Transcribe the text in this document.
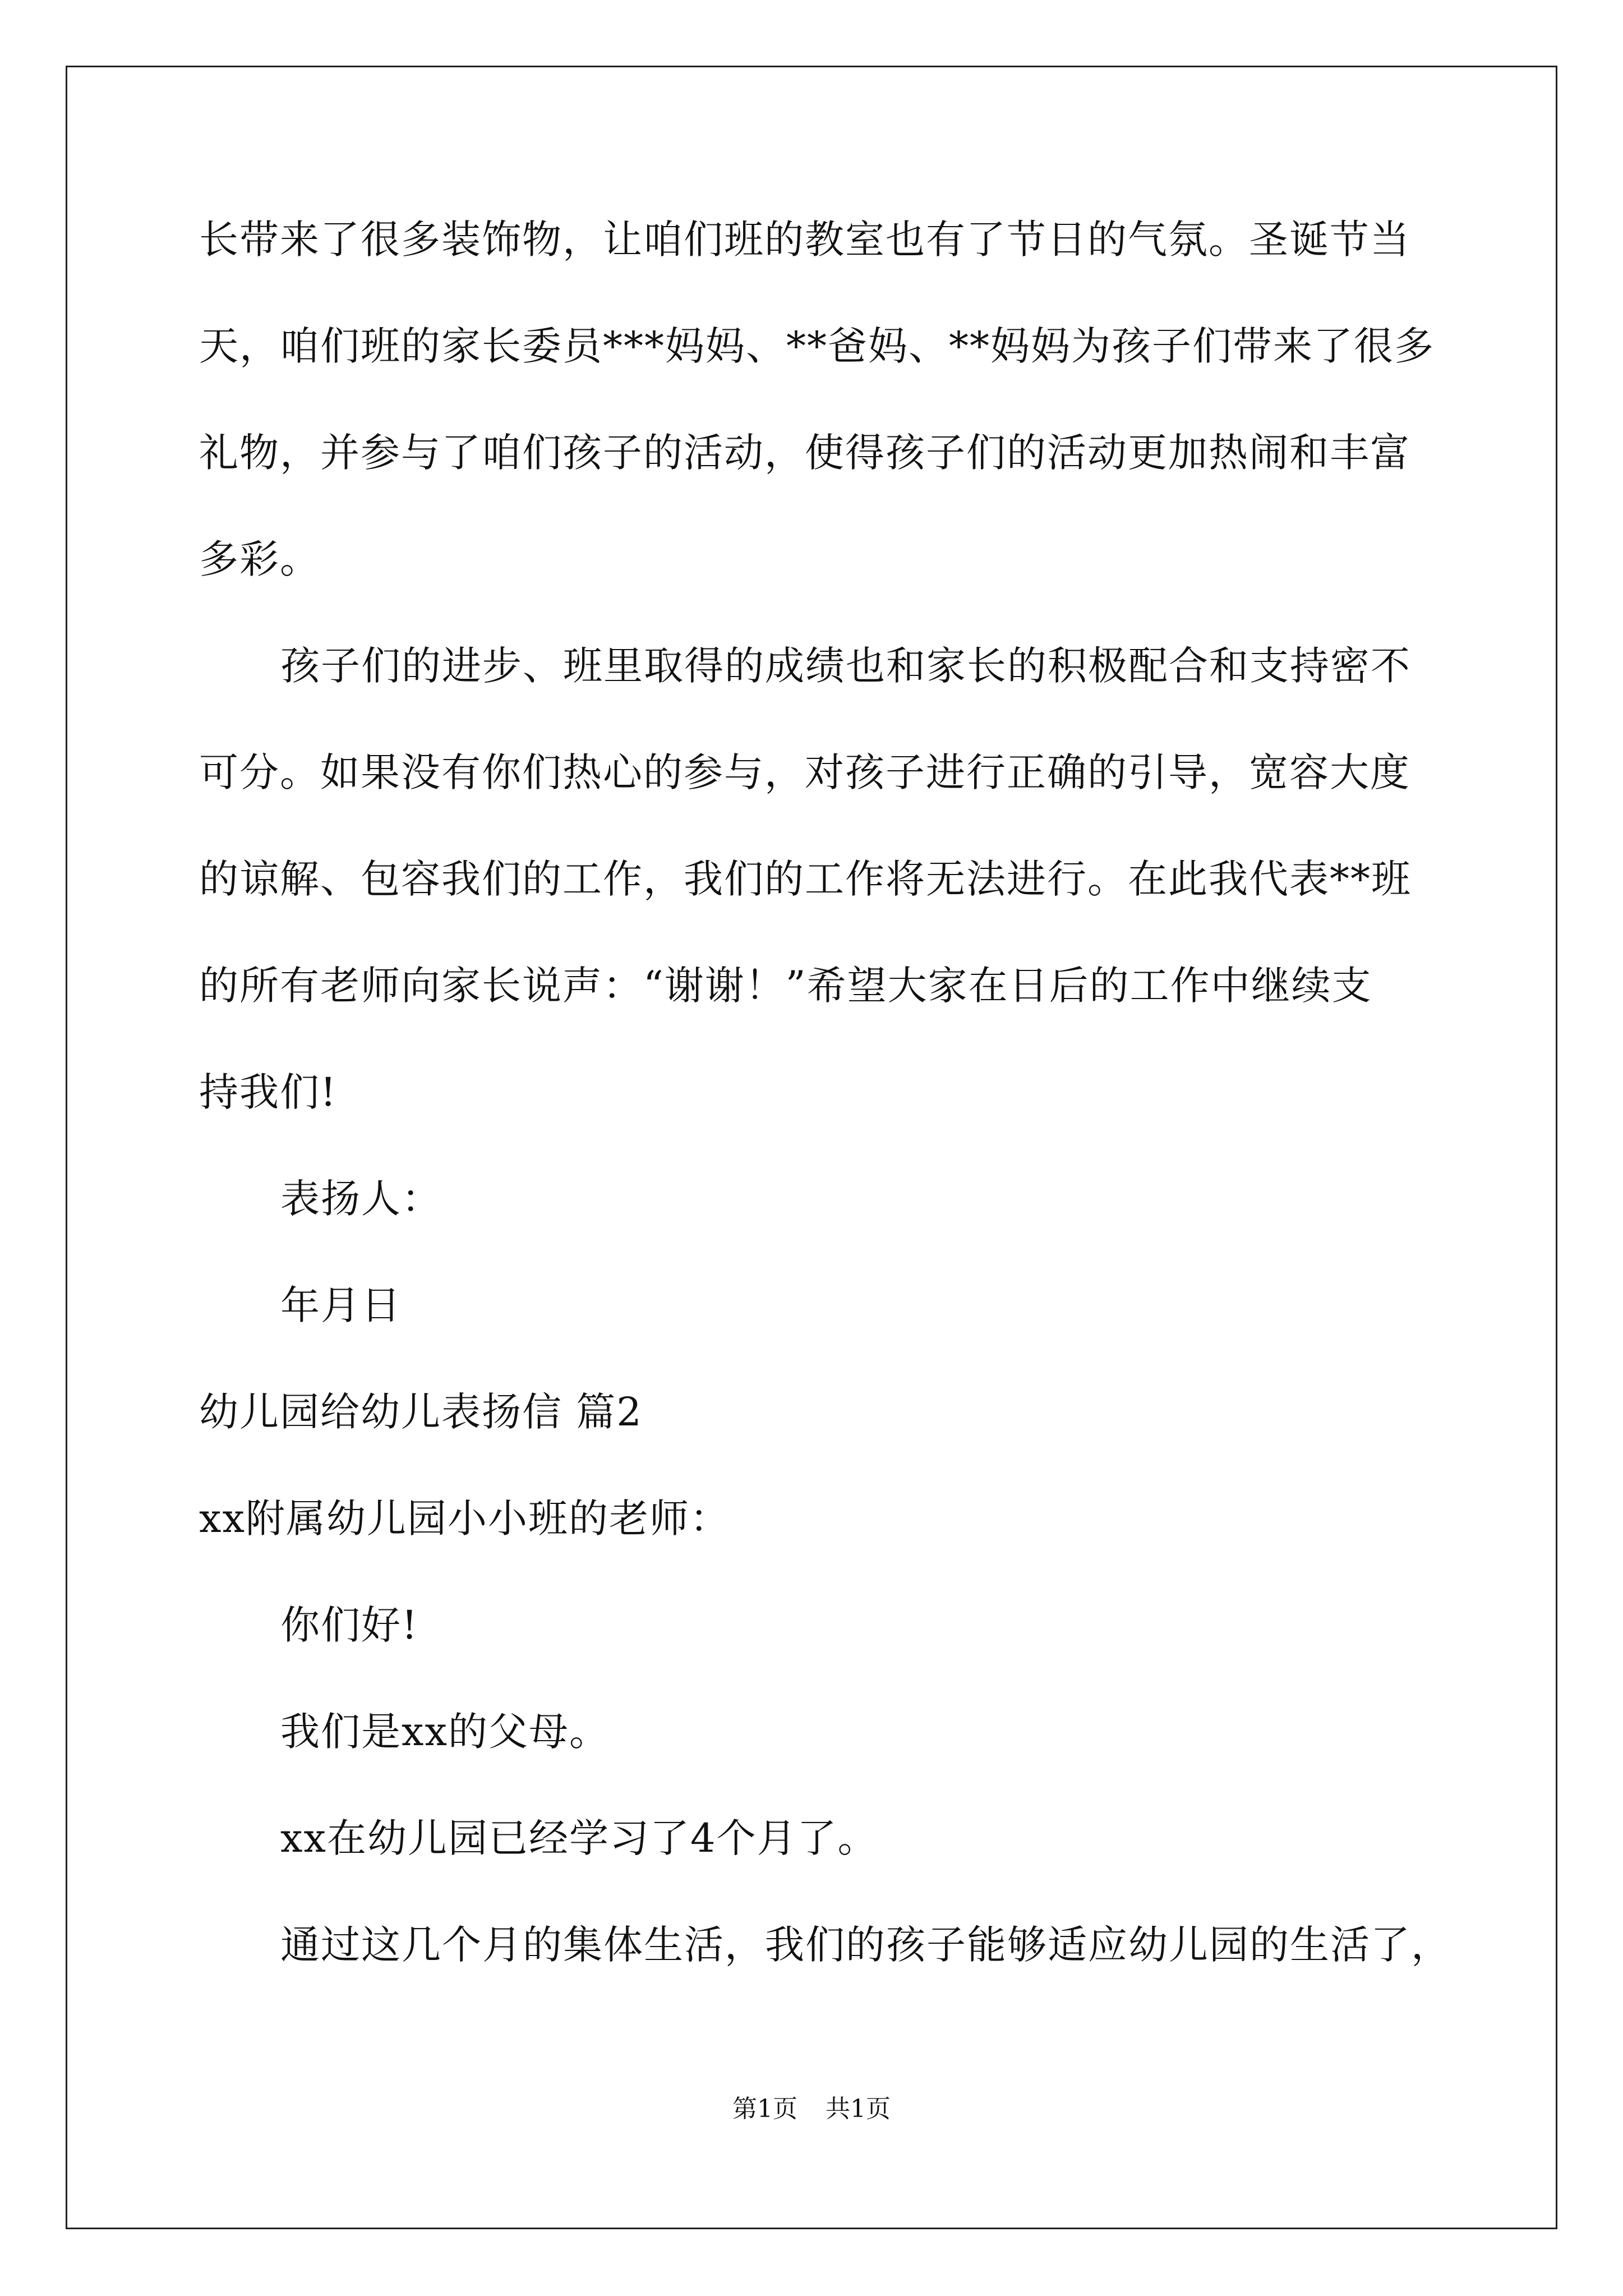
长带来了很多装饰物，让咱们班的教室也有了节日的气氛。圣诞节当
天，咱们班的家长委员***妈妈、**爸妈、**妈妈为孩子们带来了很多
礼物，并参与了咱们孩子的活动，使得孩子们的活动更加热闹和丰富
多彩。
孩子们的进步、班里取得的成绩也和家长的积极配合和支持密不
可分。如果没有你们热心的参与，对孩子进行正确的引导，宽容大度
的谅解、包容我们的工作，我们的工作将无法进行。在此我代表**班
的所有老师向家长说声：“谢谢！”希望大家在日后的工作中继续支
持我们!
表扬人：
年月日
幼儿园给幼儿表扬信 篇2
xx附属幼儿园小小班的老师：
你们好!
我们是xx的父母。
xx在幼儿园已经学习了4个月了。
通过这几个月的集体生活，我们的孩子能够适应幼儿园的生活了，
第1页 共1页
